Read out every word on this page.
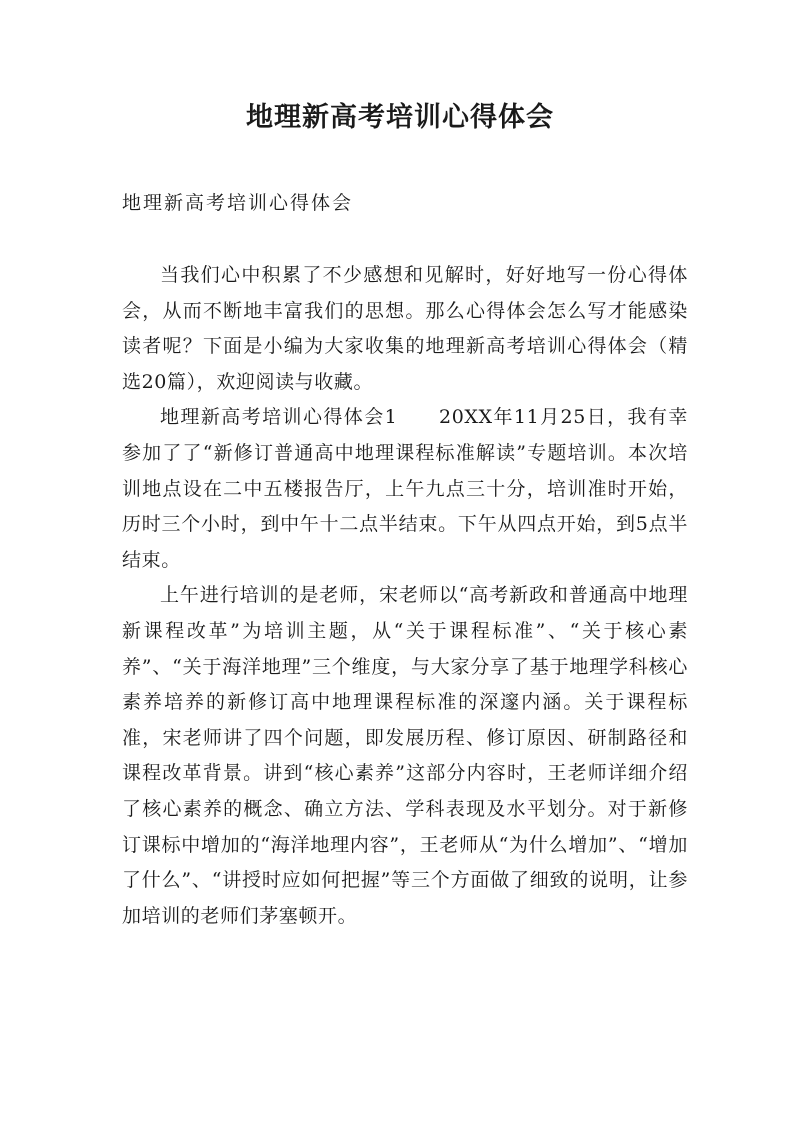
地理新高考培训心得体会
地理新高考培训心得体会

当我们心中积累了不少感想和见解时，好好地写一份心得体会，从而不断地丰富我们的思想。那么心得体会怎么写才能感染读者呢？下面是小编为大家收集的地理新高考培训心得体会（精选20篇），欢迎阅读与收藏。

地理新高考培训心得体会1　　20XX年11月25日，我有幸参加了了“新修订普通高中地理课程标准解读”专题培训。本次培训地点设在二中五楼报告厅，上午九点三十分，培训准时开始，历时三个小时，到中午十二点半结束。下午从四点开始，到5点半结束。

上午进行培训的是老师，宋老师以“高考新政和普通高中地理新课程改革”为培训主题，从“关于课程标准”、“关于核心素养”、“关于海洋地理”三个维度，与大家分享了基于地理学科核心素养培养的新修订高中地理课程标准的深邃内涵。关于课程标准，宋老师讲了四个问题，即发展历程、修订原因、研制路径和课程改革背景。讲到“核心素养”这部分内容时，王老师详细介绍了核心素养的概念、确立方法、学科表现及水平划分。对于新修订课标中增加的“海洋地理内容”，王老师从“为什么增加”、“增加了什么”、“讲授时应如何把握”等三个方面做了细致的说明，让参加培训的老师们茅塞顿开。
